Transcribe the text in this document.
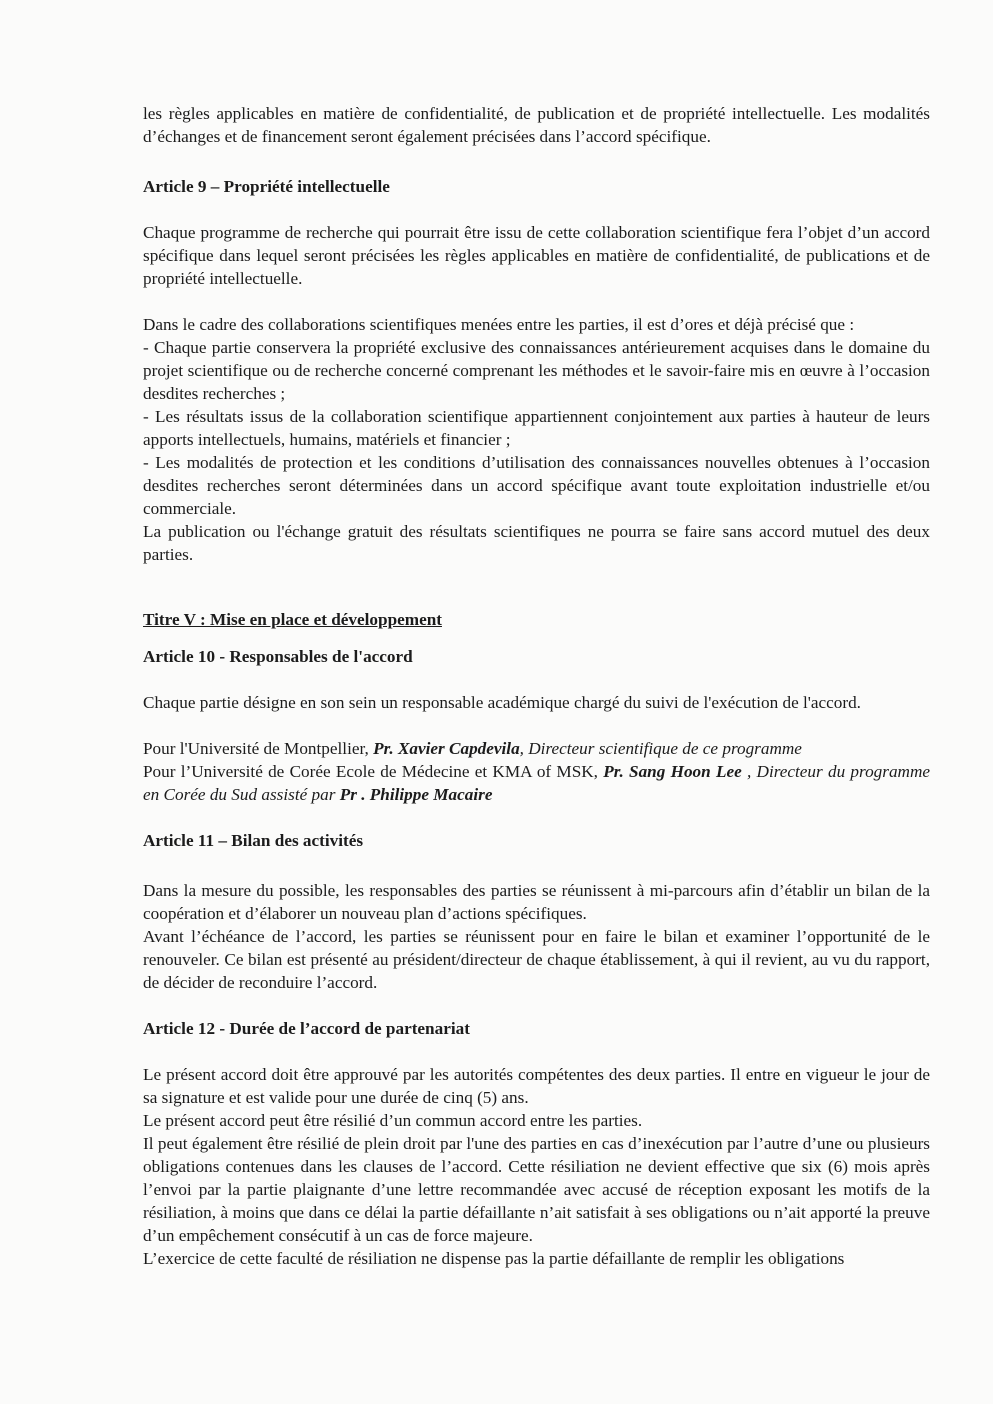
les règles applicables en matière de confidentialité, de publication et de propriété intellectuelle. Les modalités d’échanges et de financement seront également précisées dans l’accord spécifique.

Article 9 – Propriété intellectuelle

Chaque programme de recherche qui pourrait être issu de cette collaboration scientifique fera l’objet d’un accord spécifique dans lequel seront précisées les règles applicables en matière de confidentialité, de publications et de propriété intellectuelle.

Dans le cadre des collaborations scientifiques menées entre les parties, il est d’ores et déjà précisé que :

- Chaque partie conservera la propriété exclusive des connaissances antérieurement acquises dans le domaine du projet scientifique ou de recherche concerné comprenant les méthodes et le savoir-faire mis en œuvre à l’occasion desdites recherches ;

- Les résultats issus de la collaboration scientifique appartiennent conjointement aux parties à hauteur de leurs apports intellectuels, humains, matériels et financier ;

- Les modalités de protection et les conditions d’utilisation des connaissances nouvelles obtenues à l’occasion desdites recherches seront déterminées dans un accord spécifique avant toute exploitation industrielle et/ou commerciale.

La publication ou l'échange gratuit des résultats scientifiques ne pourra se faire sans accord mutuel des deux parties.

Titre V : Mise en place et développement

Article 10 - Responsables de l'accord

Chaque partie désigne en son sein un responsable académique chargé du suivi de l'exécution de l'accord.

Pour l'Université de Montpellier, Pr. Xavier Capdevila, Directeur scientifique de ce programme

Pour l’Université de Corée Ecole de Médecine et KMA of MSK, Pr. Sang Hoon Lee , Directeur du programme en Corée du Sud assisté par Pr . Philippe Macaire

Article 11 – Bilan des activités

Dans la mesure du possible, les responsables des parties se réunissent à mi-parcours afin d’établir un bilan de la coopération et d’élaborer un nouveau plan d’actions spécifiques.

Avant l’échéance de l’accord, les parties se réunissent pour en faire le bilan et examiner l’opportunité de le renouveler. Ce bilan est présenté au président/directeur de chaque établissement, à qui il revient, au vu du rapport, de décider de reconduire l’accord.

Article 12 - Durée de l’accord de partenariat

Le présent accord doit être approuvé par les autorités compétentes des deux parties. Il entre en vigueur le jour de sa signature et est valide pour une durée de cinq (5) ans.

Le présent accord peut être résilié d’un commun accord entre les parties.

Il peut également être résilié de plein droit par l'une des parties en cas d’inexécution par l’autre d’une ou plusieurs obligations contenues dans les clauses de l’accord. Cette résiliation ne devient effective que six (6) mois après l’envoi par la partie plaignante d’une lettre recommandée avec accusé de réception exposant les motifs de la résiliation, à moins que dans ce délai la partie défaillante n’ait satisfait à ses obligations ou n’ait apporté la preuve d’un empêchement consécutif à un cas de force majeure.

L’exercice de cette faculté de résiliation ne dispense pas la partie défaillante de remplir les obligations
